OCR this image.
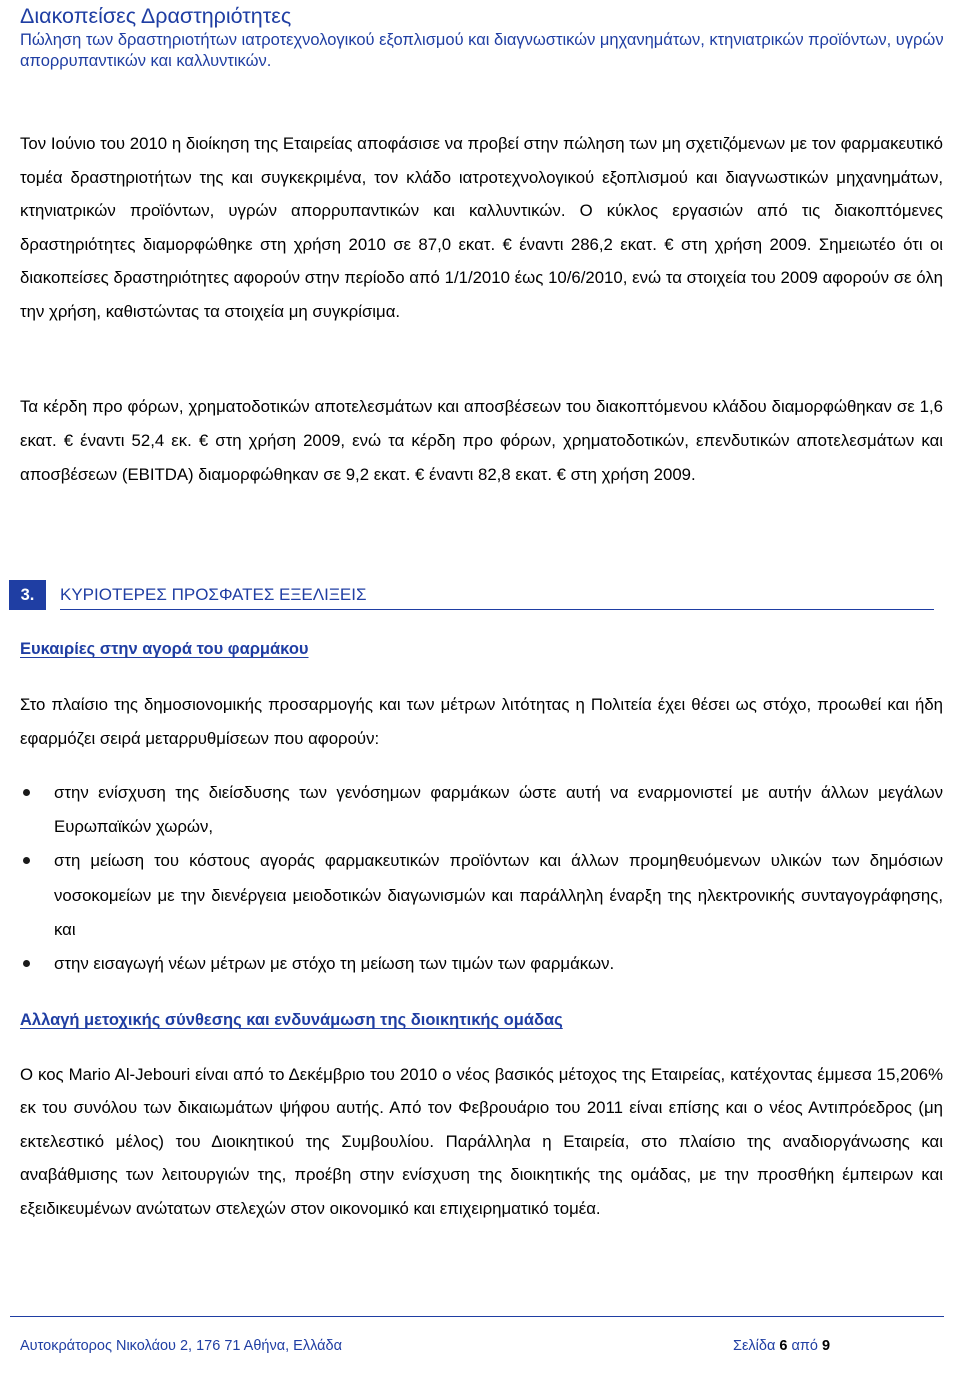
Διακοπείσες Δραστηριότητες
Πώληση των δραστηριοτήτων ιατροτεχνολογικού εξοπλισμού και διαγνωστικών μηχανημάτων, κτηνιατρικών προϊόντων, υγρών απορρυπαντικών και καλλυντικών.
Τον Ιούνιο του 2010 η διοίκηση της Εταιρείας αποφάσισε να προβεί στην πώληση των μη σχετιζόμενων με τον φαρμακευτικό τομέα δραστηριοτήτων της και συγκεκριμένα, τον κλάδο ιατροτεχνολογικού εξοπλισμού και διαγνωστικών μηχανημάτων, κτηνιατρικών προϊόντων, υγρών απορρυπαντικών και καλλυντικών. Ο κύκλος εργασιών από τις διακοπτόμενες δραστηριότητες διαμορφώθηκε στη χρήση 2010 σε 87,0 εκατ. € έναντι 286,2 εκατ. € στη χρήση 2009. Σημειωτέο ότι οι διακοπείσες δραστηριότητες αφορούν στην περίοδο από 1/1/2010 έως 10/6/2010, ενώ τα στοιχεία του 2009 αφορούν σε όλη την χρήση, καθιστώντας τα στοιχεία μη συγκρίσιμα.
Τα κέρδη προ φόρων, χρηματοδοτικών αποτελεσμάτων και αποσβέσεων του διακοπτόμενου κλάδου διαμορφώθηκαν σε 1,6 εκατ. € έναντι 52,4 εκ. € στη χρήση 2009, ενώ τα κέρδη προ φόρων, χρηματοδοτικών, επενδυτικών αποτελεσμάτων και αποσβέσεων (EBITDA) διαμορφώθηκαν σε 9,2 εκατ. € έναντι 82,8 εκατ. € στη χρήση 2009.
3.	ΚΥΡΙΟΤΕΡΕΣ ΠΡΟΣΦΑΤΕΣ ΕΞΕΛΙΞΕΙΣ
Ευκαιρίες στην αγορά του φαρμάκου
Στο πλαίσιο της δημοσιονομικής προσαρμογής και των μέτρων λιτότητας η Πολιτεία έχει θέσει ως στόχο, προωθεί και ήδη εφαρμόζει σειρά μεταρρυθμίσεων που αφορούν:
στην ενίσχυση της διείσδυσης των γενόσημων φαρμάκων ώστε αυτή να εναρμονιστεί με αυτήν άλλων μεγάλων Ευρωπαϊκών χωρών,
στη μείωση του κόστους αγοράς φαρμακευτικών προϊόντων και άλλων προμηθευόμενων υλικών των δημόσιων νοσοκομείων με την διενέργεια μειοδοτικών διαγωνισμών και παράλληλη έναρξη της ηλεκτρονικής συνταγογράφησης, και
στην εισαγωγή νέων μέτρων με στόχο τη μείωση των τιμών των φαρμάκων.
Αλλαγή μετοχικής σύνθεσης και ενδυνάμωση της διοικητικής ομάδας
Ο κος Mario Al-Jebouri είναι από το Δεκέμβριο του 2010 ο νέος βασικός μέτοχος της Εταιρείας, κατέχοντας έμμεσα 15,206% εκ του συνόλου των δικαιωμάτων ψήφου αυτής. Από τον Φεβρουάριο του 2011 είναι επίσης και ο νέος Αντιπρόεδρος (μη εκτελεστικό μέλος) του Διοικητικού της Συμβουλίου. Παράλληλα η Εταιρεία, στο πλαίσιο της αναδιοργάνωσης και αναβάθμισης των λειτουργιών της, προέβη στην ενίσχυση της διοικητικής της ομάδας, με την προσθήκη έμπειρων και εξειδικευμένων ανώτατων στελεχών στον οικονομικό και επιχειρηματικό τομέα.
Αυτοκράτορος Νικολάου 2, 176 71 Αθήνα, Ελλάδα	Σελίδα 6 από 9
